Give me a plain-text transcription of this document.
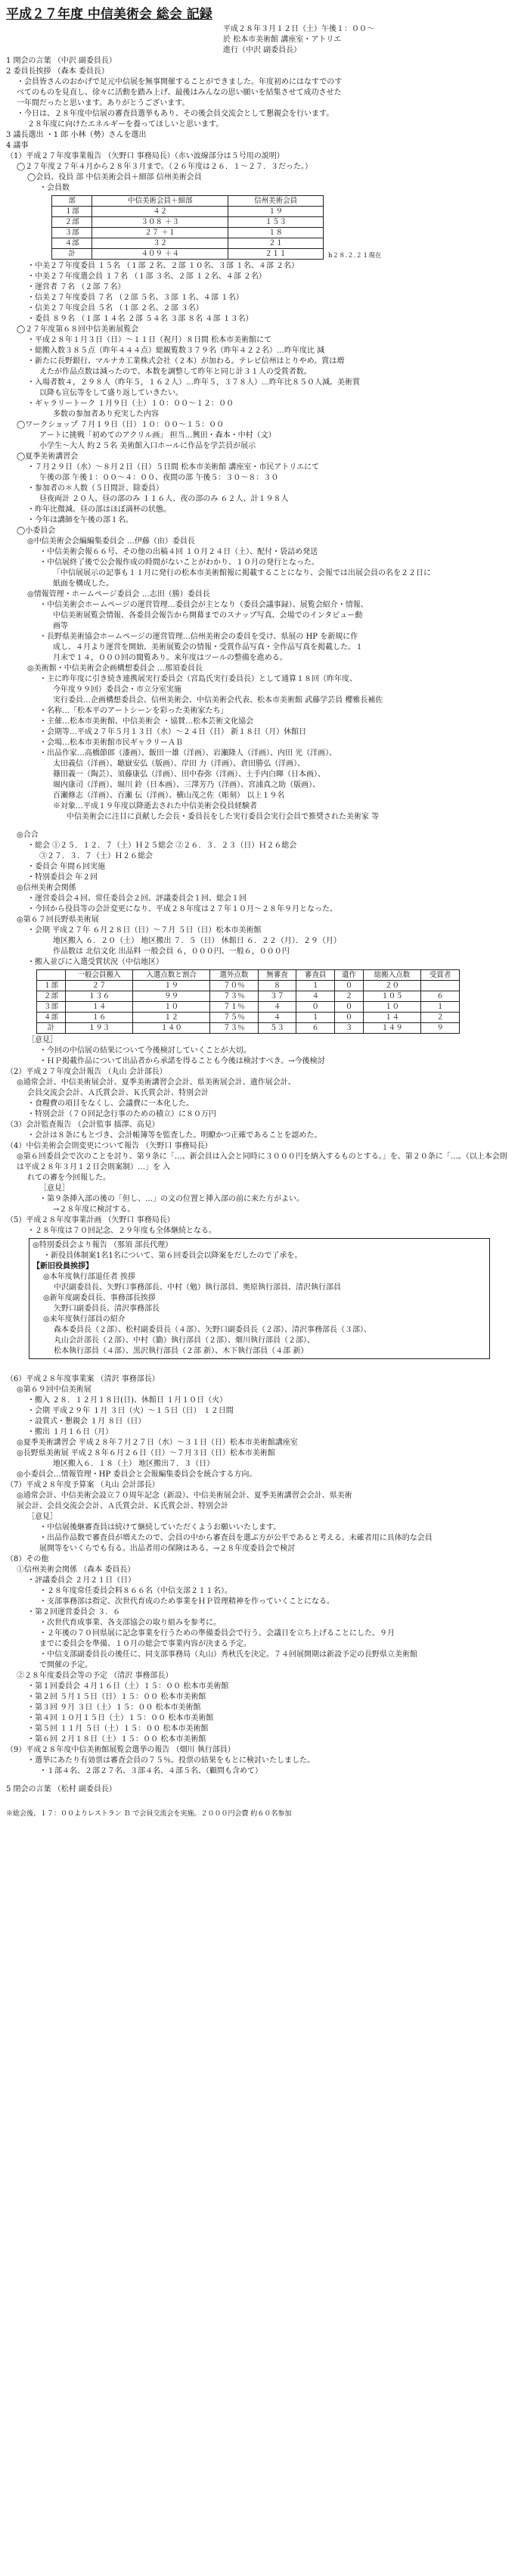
平成２７年度 中信美術会 総会 記録
平成２８年３月１２日（土）午後１：００〜
於 松本市美術館 講座室・アトリエ
進行（中沢 副委員長）
1 開会の言葉 （中沢 副委員長）
2 委員長挨拶 （森本 委員長）
・会員皆さんのおかげで足元中信展を無事開催することができました。年度初めにはなすでのす
べてのものを見直し、徐々に活動を踏み上げ、最後はみんなの思い願いを結集させて成功させた
一年間だったと思います。ありがとうございます。
・今日は、２８年度中信展の審査員選挙もあり、その後会員交流会として懇親会を行います。
２８年度に向けたエネルギーを養ってほしいと思います。
3 議長選出 ・1 郎 小林（勢）さんを選出
4 議事
（1）平成２７年度事業報告 （矢野口 事務局長）（赤い波線部分は５号用の説明）
◯２７年度２７年４月から２８年３月まで。（２６年度は２６．１〜２７．３だった。）
◯会員、役員 部 中信美術会員＋細部 信州美術会員
・会員数
部	中信美術会員＋細部	信州美術会員
１部	４２	１９
２部	３０８ ＋３	１５３
３部	２７ ＋１	１８
４部	３２	２１
計	４０９ ＋４	２１１	h２８.２.２１現在
・中美２７年度委員 １５名 （１部 ２名、２部 １０名、３部 １名、４部 ２名）
・中美２７年度選会員 １７名 （１部 ３名、２部 １２名、４部 ２名）
・運営者 ７名 （２部 ７名）
・信美２７年度委員 ７名 （２部 ５名、３部 １名、４部 １名）
・信美２７年度会員 ５名 （１部 ２名、２部 ３名）
・委員 ８９名 （１部 １４名 ２部 ５４名 ３部 ８名 ４部 １３名）
◯２７年度第６８回中信美術展覧会
・平成２８年１月３日（日）〜１１日（祝月）８日間 松本市美術館にて
・総搬入数３８５点（昨年４４４点）総観覧数３７９名（昨年４２２名）…昨年度比 減
・新たに長野銀行、マルナカ工業株式会社（２本）が加わる。テレビ信州はとりやめ。賞は増
えたが作品点数は減ったので、本数を調整して昨年と同じ計３１人の受賞者数。
・入場者数４，２９８人（昨年５，１６２人）…昨年５，３７８人）…昨年比８５０人減。美術賞
以降も宣伝等をして盛り返していきたい。
・ギャラリートーク １月９日（土）１０：００〜１２：００
多数の参加者あり充実した内容
◯ワークショップ ７月１９日（日）１０：００〜１５：００
アートに挑戦「初めてのアクリル画」 担当…興田・森本・中村（文）
小学生〜大人 約２５名 美術館入口ホールに作品を学芸員が展示
◯夏季美術講習会
・７月２９日（水）〜８月２日（日）５日間 松本市美術館 講座室・市民アトリエにて
午後の部 午後１：００〜４：００、夜間の部 午後５：３０〜８：３０
・参加者の＊人数（５日間計、除委員）
昼夜両計 ２０人、昼の部のみ １１６人、夜の部のみ ６２人、計１９８人
・昨年比微減、昼の部はほぼ満杯の状態。
・今年は講師を午後の部１名。
◯小委員会
◎中信美術会会編編集委員会 …伊藤（由）委員長
・中信美術会報６６号、その他の出稿４回 １０月２４日（土）、配付・袋詰め発送
・中信展終了後で公会報作成の時間がないことがわかり、１０月の発行となった。
「中信展展示の記事も１１月に発行の松本市美術館報に掲載することになり、会報では出展会員の名を２２日に
紙面を構成した。
◎情報管理・ホームページ委員会 …志田（勝）委員長
・中信美術会ホームページの運営管理…委員会が主となり（委員会議事録）、展覧会紹介・情報、
中信美術展覧会情報、各委員会報告から開幕までのスナップ写真、会場でのインタビュー動
画等
・長野県美術協会ホームページの運営管理…信州美術会の委員を受け、県展の HP を新規に作
成し、４月より運営を開始。美術展覧会の情報・受賞作品写真・全作品写真を掲載した。１
月末で１４，０００回の閲覧あり。来年度はツールの整備を進める。
◎美術館・中信美術会企画構想委員会 …那須委員長
・主に昨年度に引き続き連携展実行委員会（宮島氏実行委員長）として通算１８回（昨年度、
今年度９９回）委員会・市立分室実施
実行委員…企画構想委員会、信州美術会、中信美術会代表、松本市美術館 武藤学芸員 櫻雅長補佐
・名称…「松本平のアートシーンを彩った美術家たち」
・主催…松本市美術館、中信美術会 ・協賛…松本芸術文化協会
・会期等…平成２７年５月１３日（水）〜２４日（日） 新１８日（月）休館日
・会場…松本市美術館市民ギャラリーＡＢ
・出品作家…高橋節郎（漆画）、飯田一雄（洋画）、岩瀬隆人（洋画）、内田 光（洋画）、
太田義信（洋画）、聴嶽安弘（版画）、岸田 力（洋画）、倉田勝弘（洋画）、
篠田義一（陶芸）、須藤康弘（洋画）、田中春弥（洋画）、土手内白暉（日本画）、
堀内康司（洋画）、堀川 鈴（日本画）、三澤芳乃（洋画）、宮浦真之助（版画）、
百瀬修志（洋画）、百瀬 伝（洋画）、横山茂之佐（彫刻） 以上１９名
※対象…平成１９年度以降逝去された中信美術会役員経験者
中信美術会に注目に貢献した会長・委員長をした実行委員会実行会員で推奨された美術家 等
◎合合
・総会 ①２５．１２．７（土）Ｈ２５総会 ②２６．３．２３（日）Ｈ２６総会
③２７．３．７（土）Ｈ２６総会
・委員会 年間６回実施
・特別委員会 年２回
◎信州美術会関係
・運営委員会４回、常任委員会２回、評議委員会１回、総会１回
・今回から役員等の会計変更になり、平成２８年度は２７年１０月〜２８年９月となった。
◎第６７回長野県美術展
・会期 平成２７年 ６月２８日（日）〜７月 ５日（日）松本市美術館
地区搬入 ６．２０（土） 地区搬出 ７．５（日） 休館日 ６．２２（月）．２９（月）
作品数は 北信文化 出品料 一般会員 ６，０００円、一般６，０００円
・搬入並びに入選受賞状況（中信地区）
	一般会員搬入	入選点数と割合	選外点数	無審査	審査員	遺作	総搬入点数	受賞者
１部	２７	１９	７０％	８	１	０	２０	
２部	１３６	９９	７３％	３７	４	２	１０５	６
３部	１４	１０	７１％	４	０	０	１０	１
４部	１６	１２	７５％	４	１	０	１４	２
計	１９３	１４０	７３％	５３	６	３	１４９	９
［意見］
・今回の中信展の結果について今後検討していくことが大切。
・ＨＰ掲載作品について出品者から承諾を得ることも今後は検討すべき。→今後検討
（2）平成２７年度会計報告 （丸山 会計部長）
◎通常会計、中信美術展会計、夏季美術講習会会計、県美術展会計、遺作展会計、
会員交流会会計、Ａ氏賞会計、Ｋ氏賞会計、特別会計
・食糧費の項目をなくし、会議費に一本化した。
・特別会計（７０回記念行事のための積立）に８０万円
（3）会計監査報告 （会計監事 擂澤、高見）
・会計は８条にもとづき、会計帳簿等を監査した。明瞭かつ正確であることを認めた。
（4）中信美術会会則変更について報告 （矢野口 事務局長）
◎第６回委員会で次のことを討り、第９条に「…、新会員は入会と同時に３０００円を納入するものとする。」を、第２０条に「…。（以上本会則は平成２８年３月１２日会則案制）…」を 入
れての審を今回報した。
［意見］
・第９条挿入部の後の「但し、…」の文の位置と挿入部の前に来た方がよい。
→２８年度に検討する。
（5）平成２８年度事業計画 （矢野口 事務局長）
・２８年度は７０回記念、２９年度も全体継続となる。
◎特別委員会より報告 （那須 部長代理）
・新役員体制案1名1名について、第６回委員会以降案をだしたので了承を。
【新旧役員挨拶】
◎本年度執行部退任者 挨拶
中沢副委員長、矢野口事務部長、中村（勉）執行部員、奥原執行部員、清沢執行部員
◎新年度副委員長、事務部長挨拶
矢野口副委員長、清沢事務部長
◎来年度執行部員の紹介
森本委員長（２部）、松村副委員長（４部）、矢野口副委員長（２部）、清沢事務部長（３部）、
丸山会計部長（２部）、中村（勤）執行部員（２部）、畑川執行部員（２部）、
松本執行部員（４部）、黒沢執行部員（２部 新）、木下執行部員（４部 新）
（6）平成２８年度事業案 （清沢 事務部長）
◎第６９回中信美術展
・搬入 ２８．１２月１８日(日)、休館日 １月１０日（火）
・会期 平成２９年 １月 ３日（火）〜１５日（日） １２日間
・設賞式・懇親会 １月 ８日（日）
・搬出 １月１６日（月）
◎夏季美術講習会 平成２８年７月２７日（水）〜３１日（日）松本市美術館講座室
◎長野県美術展 平成２８年６月２６日（日）〜７月３日（日）松本市美術館
地区搬入６．１８（土） 地区搬出７．３（日）
◎小委員会…情報管理・HP 委員会と会報編集委員会を統合する方向。
（7）平成２８年度予算案 （丸山 会計部長）
◎通常会計、中信美術会設立７０周年記念（新設）、中信美術展会計、夏季美術講習会会計、県美術
展会計、会員交流会会計、Ａ氏賞会計、Ｋ氏賞会計、特別会計
［意見］
・中信展後継審査員は続けて継続していただくようお願いいたします。
・出品作品数で審査員が増えたので、会員の中から審査員を選ぶ方が公平であると考える。未確者用に具体的な会員
展開等をいくらでも有る。出品者用の保険はある。→２８年度委員会で検討
（8）その他
①信州美術会関係 （森本 委員長）
・評議委員会 ２月２１日（日）
・２８年度常任委員会料８６６名（中信支部２１１名）。
・支部事務部は指定、次世代育成のため事業をＨＰ管理精神を作っていくことになる。
・第２回運営委員会 ３．６
・次世代育成事業、各支部協会の取り組みを参考に。
・２年後の７０回県展に記念事業を行うための準備委員会で行う。会議日を立ち上げることにした。９月
までに委員会を準備、１０月の総会で事業内容が決まる予定。
・中信支部副委員長の後任に、同支部事務局（丸山）秀秋氏を決定。７４回展開期は新設予定の長野県立美術館
で開催の予定。
②２８年度委員会等の予定 （清沢 事務部長）
・第１回委員会 ４月１６日（土）１５：００ 松本市美術館
・第２回 ５月１５日（日）１５：００ 松本市美術館
・第３回 ９月 ３日（土）１５：００ 松本市美術館
・第４回 １０月１５日（土）１５：００ 松本市美術館
・第５回 １１月 ５日（土）１５：００ 松本市美術館
・第６回 ２月１８日（土）１５：００ 松本市美術館
（9）平成２８年度中信美術館展覧会選挙の報告 （畑川 執行部員）
・選挙にあたり有効票は審査会員の７５％。投票の結果をもとに検討いたしました。
・１部４名、２部２７名、３部４名、４部５名、（顧問も含めて）
5 閉会の言葉 （松村 副委員長）
※総会後、１７：００よりレストラン Ｂ で会員交流会を実施。２０００円会費 約６０名参加
